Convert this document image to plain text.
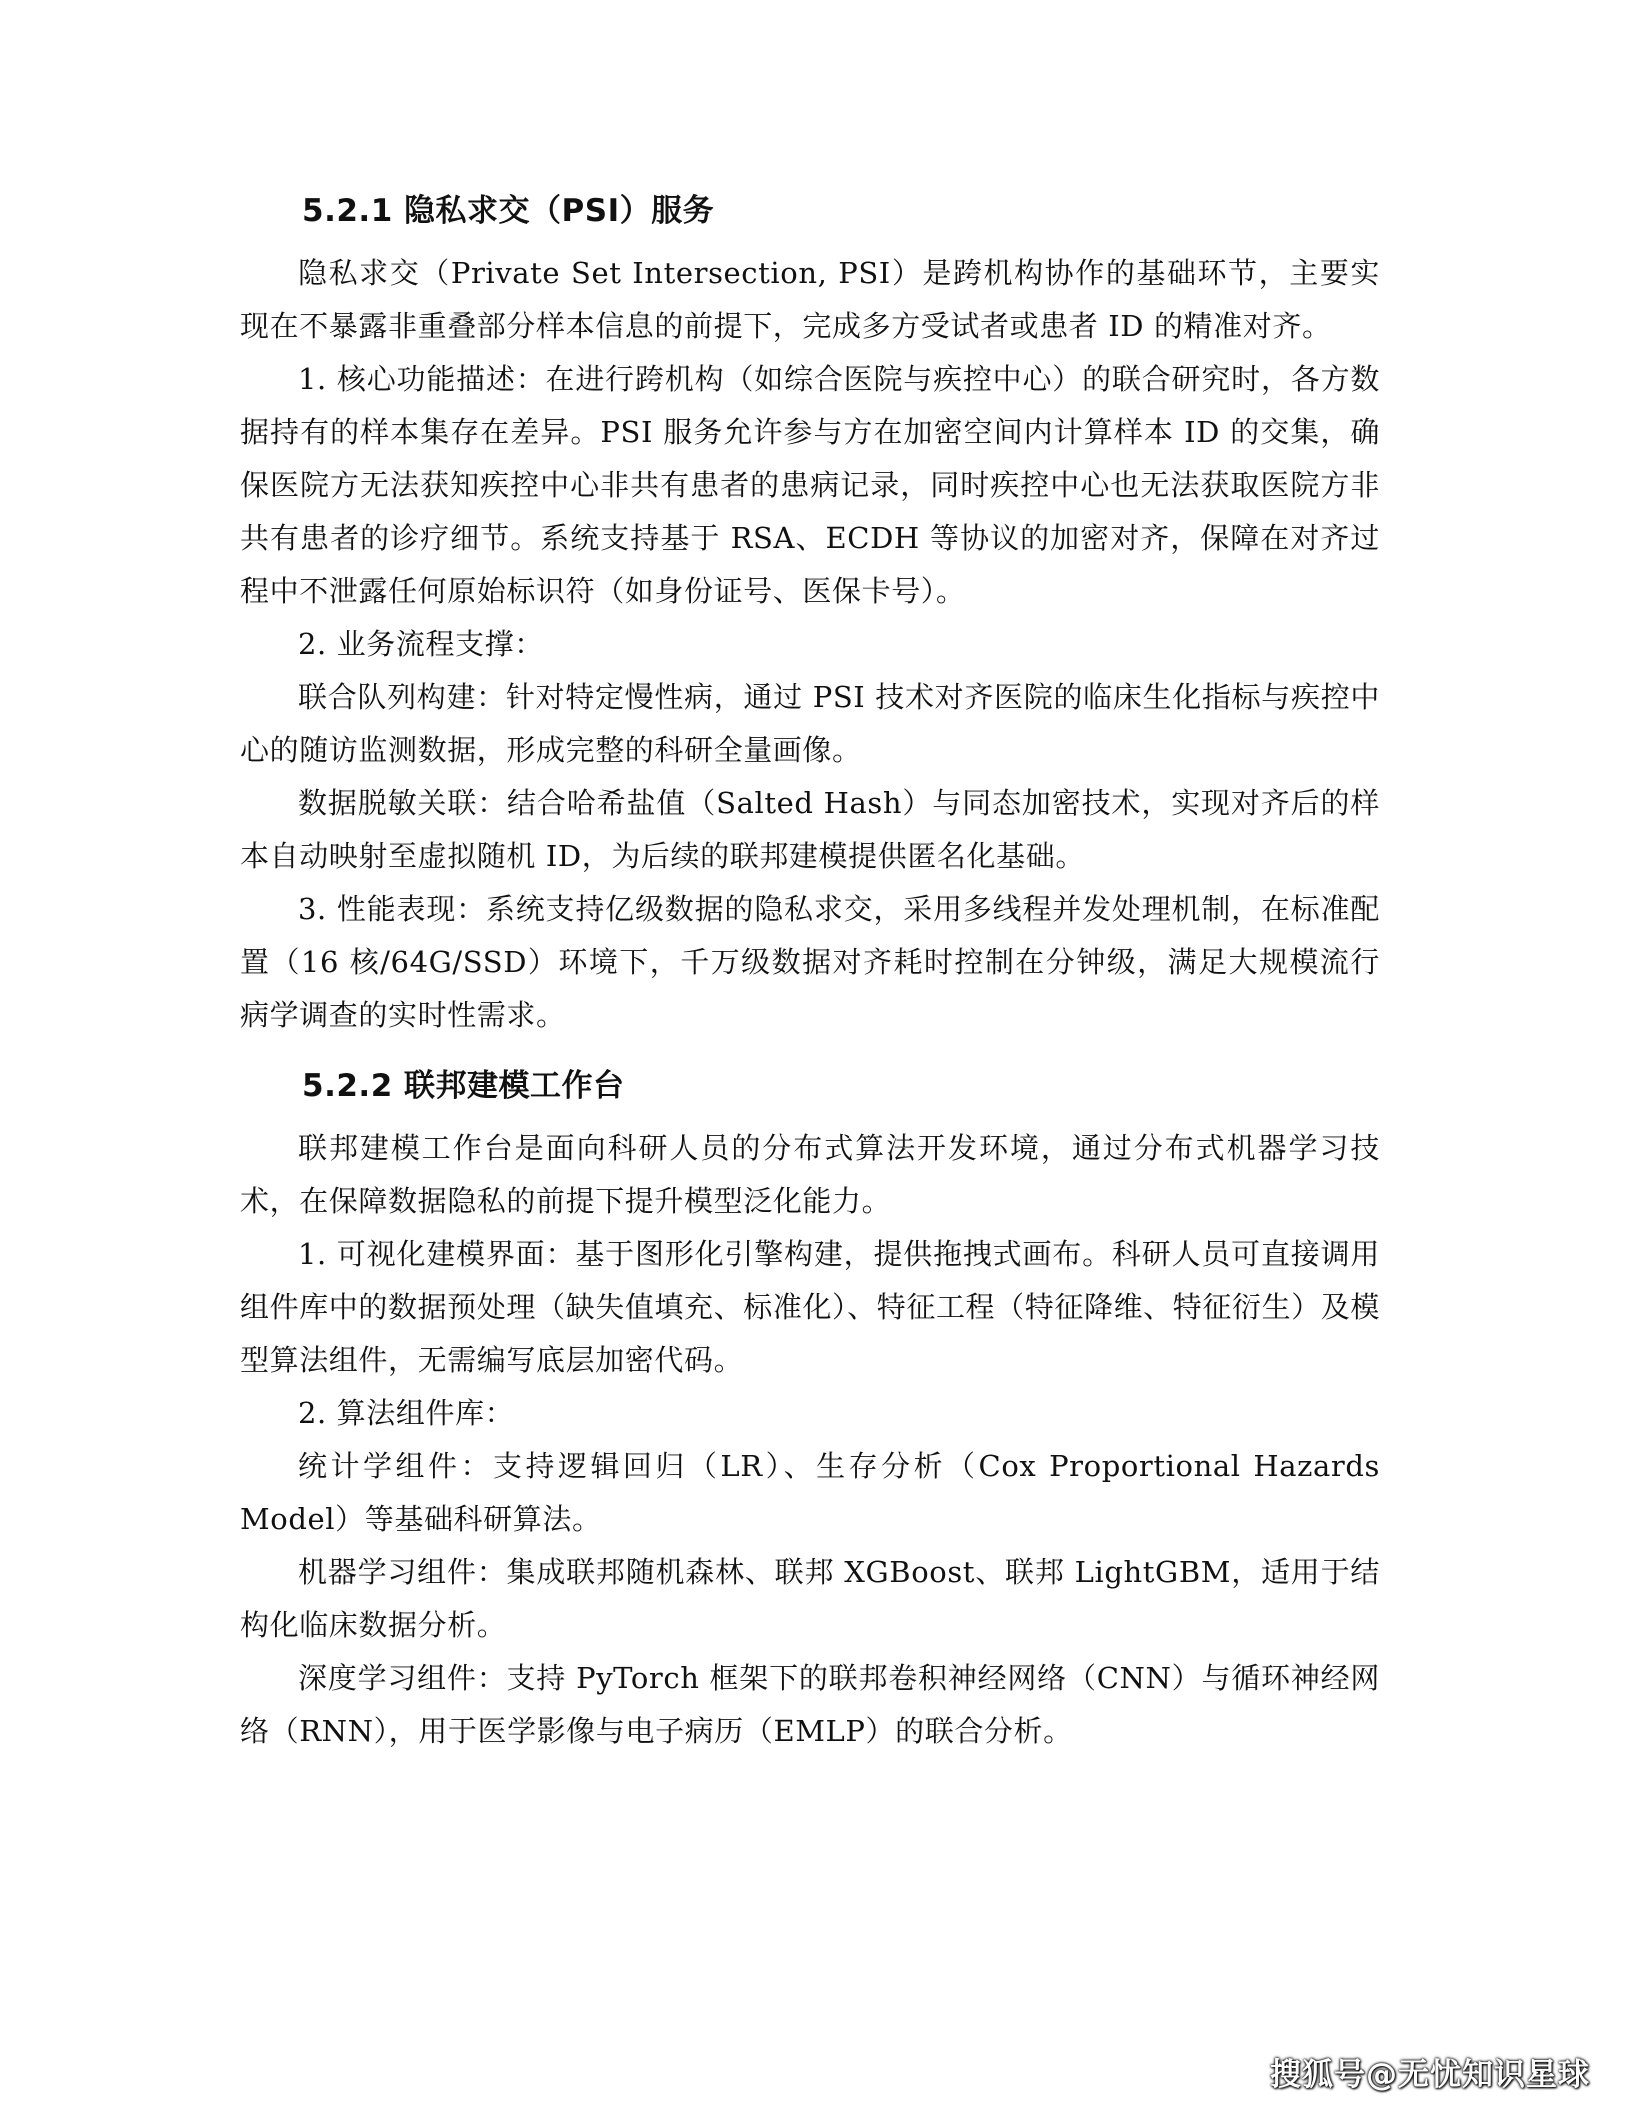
5.2.1 隐私求交（PSI）服务

隐私求交（Private Set Intersection, PSI）是跨机构协作的基础环节，主要实现在不暴露非重叠部分样本信息的前提下，完成多方受试者或患者 ID 的精准对齐。

1. 核心功能描述：在进行跨机构（如综合医院与疾控中心）的联合研究时，各方数据持有的样本集存在差异。PSI 服务允许参与方在加密空间内计算样本 ID 的交集，确保医院方无法获知疾控中心非共有患者的患病记录，同时疾控中心也无法获取医院方非共有患者的诊疗细节。系统支持基于 RSA、ECDH 等协议的加密对齐，保障在对齐过程中不泄露任何原始标识符（如身份证号、医保卡号）。

2. 业务流程支撑：

联合队列构建：针对特定慢性病，通过 PSI 技术对齐医院的临床生化指标与疾控中心的随访监测数据，形成完整的科研全量画像。

数据脱敏关联：结合哈希盐值（Salted Hash）与同态加密技术，实现对齐后的样本自动映射至虚拟随机 ID，为后续的联邦建模提供匿名化基础。

3. 性能表现：系统支持亿级数据的隐私求交，采用多线程并发处理机制，在标准配置（16 核/64G/SSD）环境下，千万级数据对齐耗时控制在分钟级，满足大规模流行病学调查的实时性需求。

5.2.2 联邦建模工作台

联邦建模工作台是面向科研人员的分布式算法开发环境，通过分布式机器学习技术，在保障数据隐私的前提下提升模型泛化能力。

1. 可视化建模界面：基于图形化引擎构建，提供拖拽式画布。科研人员可直接调用组件库中的数据预处理（缺失值填充、标准化）、特征工程（特征降维、特征衍生）及模型算法组件，无需编写底层加密代码。

2. 算法组件库：

统计学组件：支持逻辑回归（LR）、生存分析（Cox Proportional Hazards Model）等基础科研算法。

机器学习组件：集成联邦随机森林、联邦 XGBoost、联邦 LightGBM，适用于结构化临床数据分析。

深度学习组件：支持 PyTorch 框架下的联邦卷积神经网络（CNN）与循环神经网络（RNN），用于医学影像与电子病历（EMLP）的联合分析。

搜狐号@无忧知识星球
